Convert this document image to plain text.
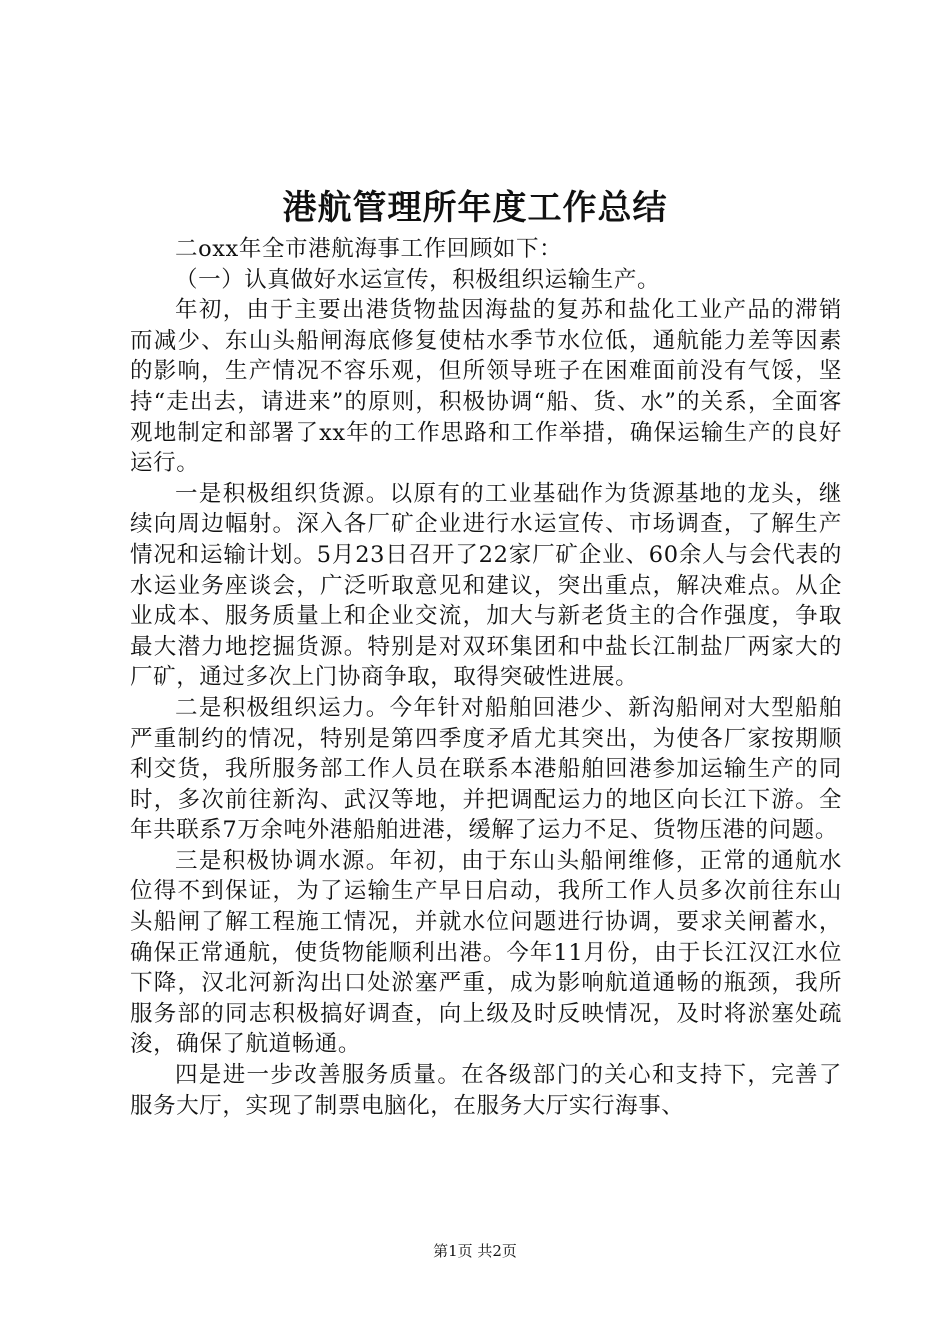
港航管理所年度工作总结

二oxx年全市港航海事工作回顾如下：

（一）认真做好水运宣传，积极组织运输生产。

年初，由于主要出港货物盐因海盐的复苏和盐化工业产品的滞销而减少、东山头船闸海底修复使枯水季节水位低，通航能力差等因素的影响，生产情况不容乐观，但所领导班子在困难面前没有气馁，坚持“走出去，请进来”的原则，积极协调“船、货、水”的关系，全面客观地制定和部署了xx年的工作思路和工作举措，确保运输生产的良好运行。

一是积极组织货源。以原有的工业基础作为货源基地的龙头，继续向周边幅射。深入各厂矿企业进行水运宣传、市场调查，了解生产情况和运输计划。5月23日召开了22家厂矿企业、60余人与会代表的水运业务座谈会，广泛听取意见和建议，突出重点，解决难点。从企业成本、服务质量上和企业交流，加大与新老货主的合作强度，争取最大潜力地挖掘货源。特别是对双环集团和中盐长江制盐厂两家大的厂矿，通过多次上门协商争取，取得突破性进展。

二是积极组织运力。今年针对船舶回港少、新沟船闸对大型船舶严重制约的情况，特别是第四季度矛盾尤其突出，为使各厂家按期顺利交货，我所服务部工作人员在联系本港船舶回港参加运输生产的同时，多次前往新沟、武汉等地，并把调配运力的地区向长江下游。全年共联系7万余吨外港船舶进港，缓解了运力不足、货物压港的问题。

三是积极协调水源。年初，由于东山头船闸维修，正常的通航水位得不到保证，为了运输生产早日启动，我所工作人员多次前往东山头船闸了解工程施工情况，并就水位问题进行协调，要求关闸蓄水，确保正常通航，使货物能顺利出港。今年11月份，由于长江汉江水位下降，汉北河新沟出口处淤塞严重，成为影响航道通畅的瓶颈，我所服务部的同志积极搞好调查，向上级及时反映情况，及时将淤塞处疏浚，确保了航道畅通。

四是进一步改善服务质量。在各级部门的关心和支持下，完善了服务大厅，实现了制票电脑化，在服务大厅实行海事、

第1页 共2页
